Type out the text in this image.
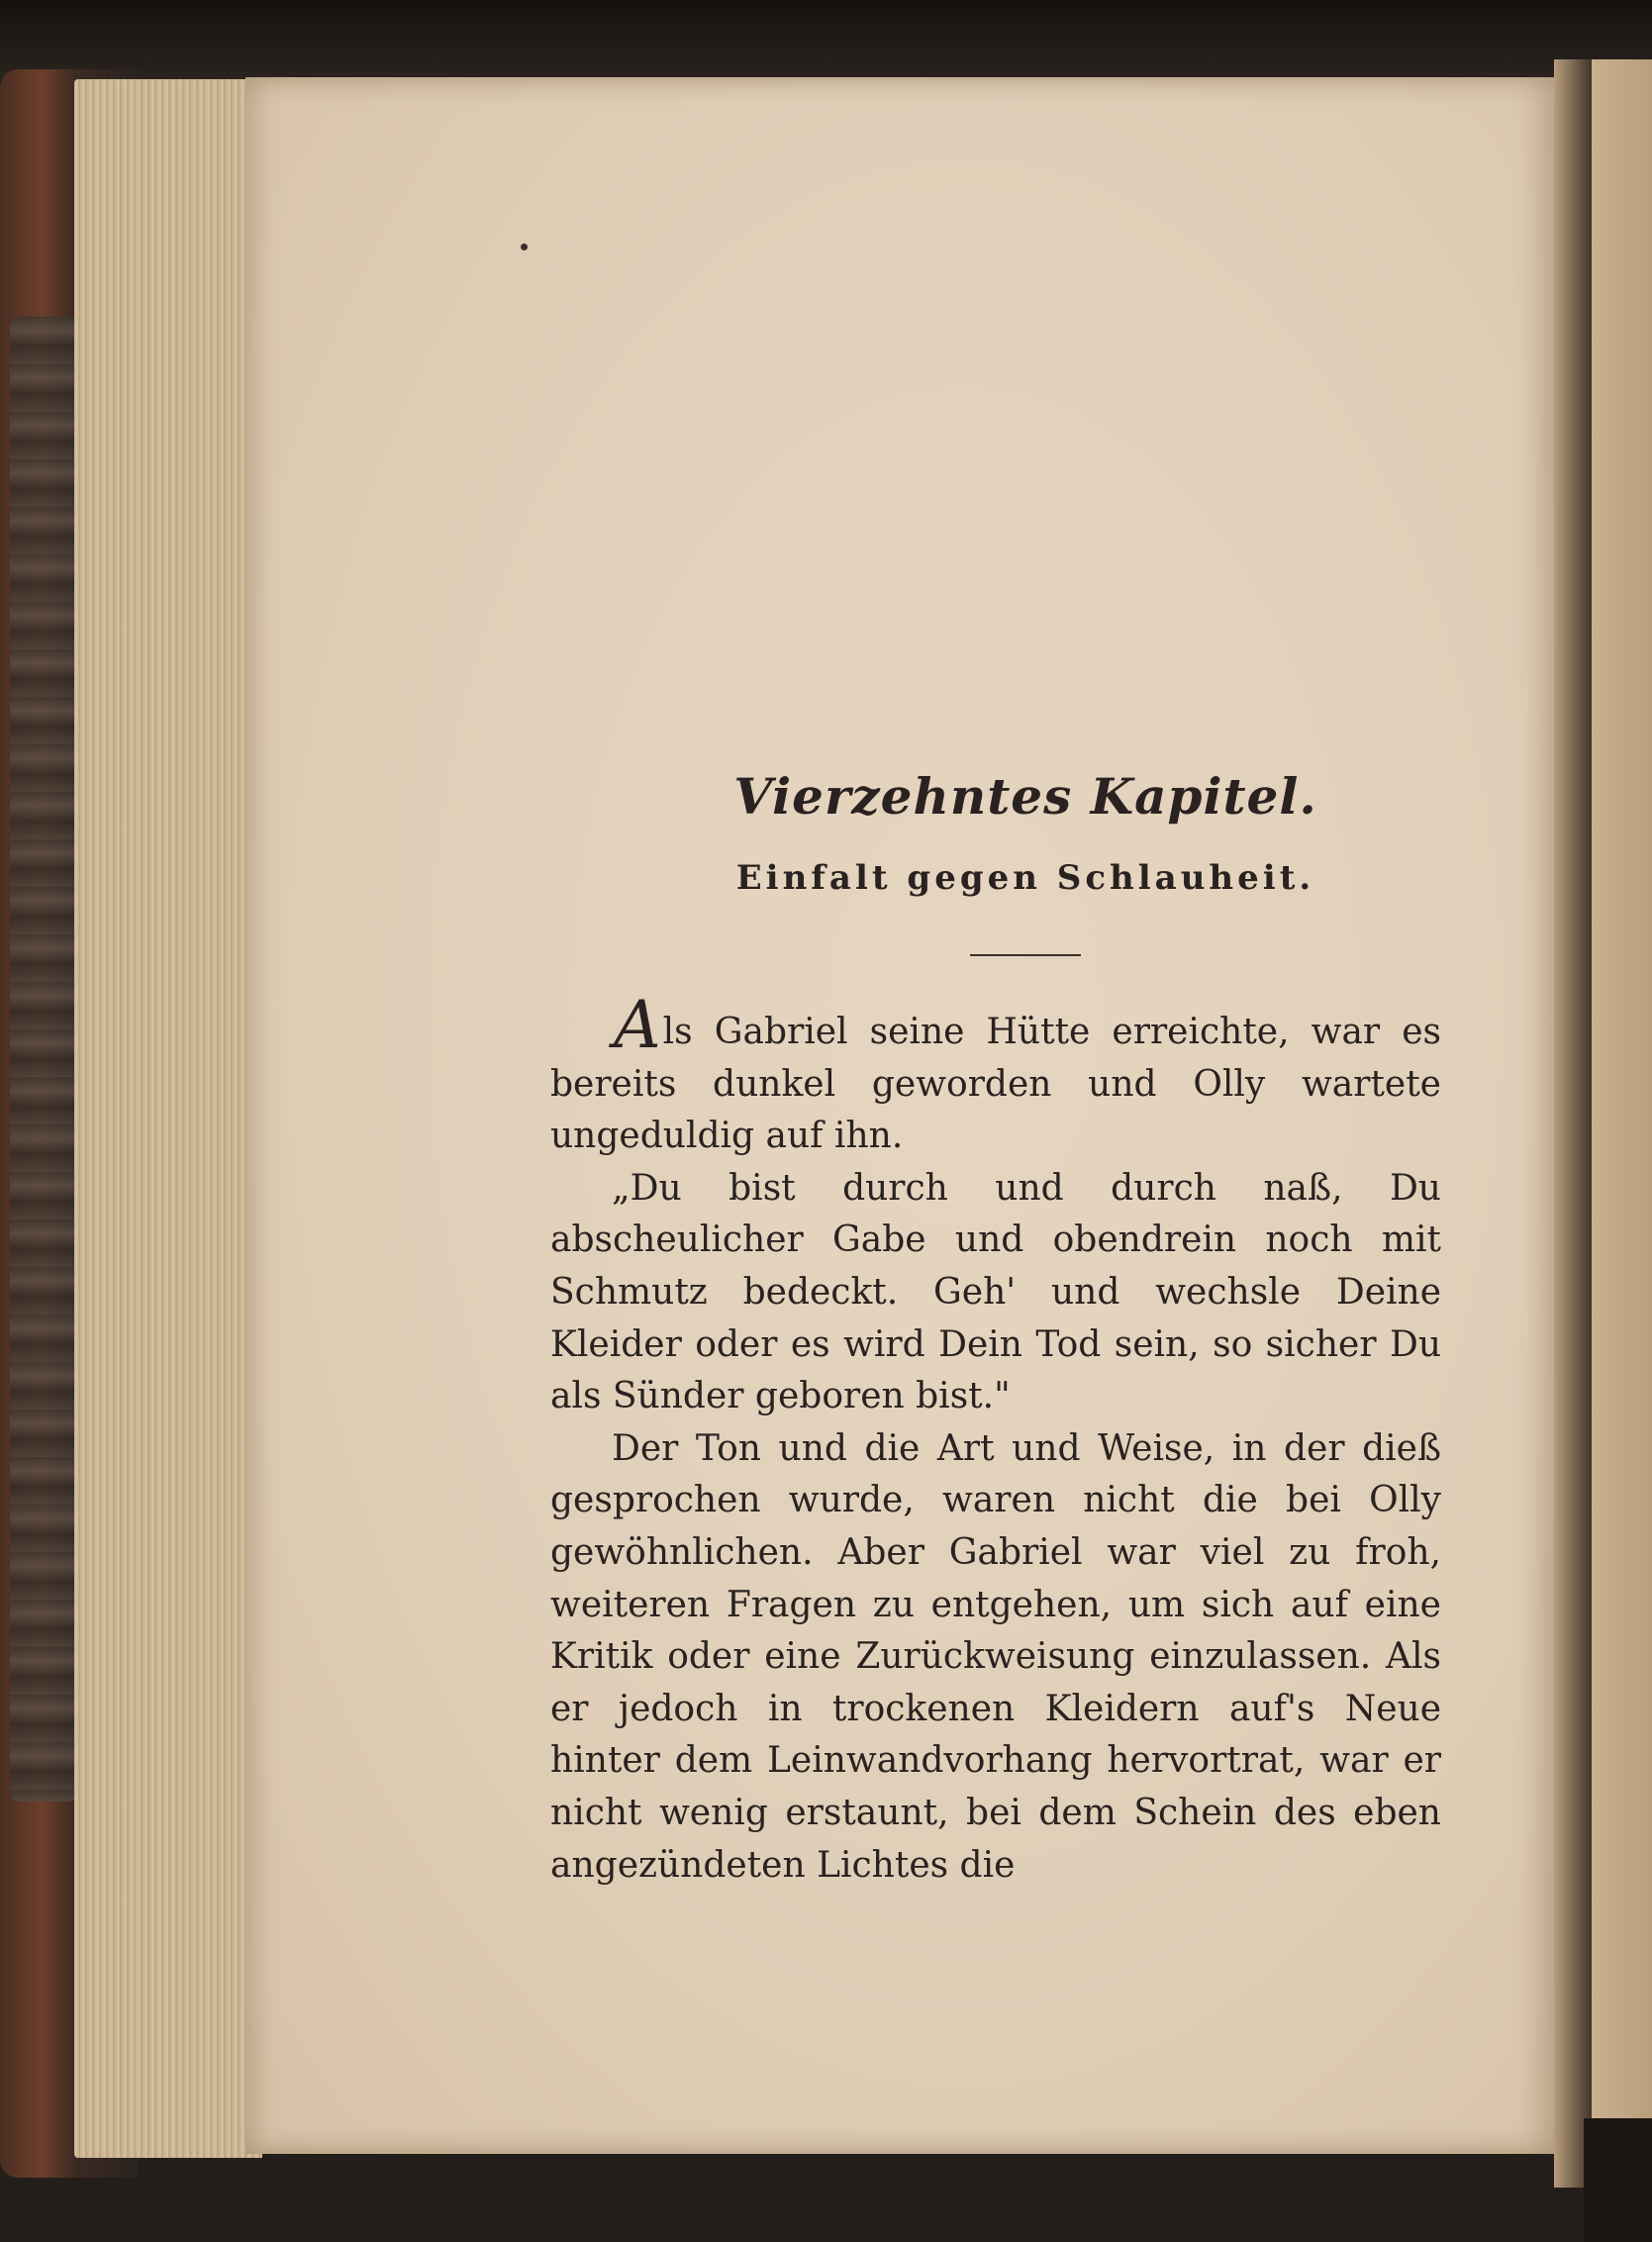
Vierzehntes Kapitel.
Einfalt gegen Schlauheit.

Als Gabriel seine Hütte erreichte, war es bereits dunkel geworden und Olly wartete ungeduldig auf ihn.

„Du bist durch und durch naß, Du abscheulicher Gabe und obendrein noch mit Schmutz bedeckt. Geh' und wechsle Deine Kleider oder es wird Dein Tod sein, so sicher Du als Sünder geboren bist."

Der Ton und die Art und Weise, in der dieß gesprochen wurde, waren nicht die bei Olly gewöhnlichen. Aber Gabriel war viel zu froh, weiteren Fragen zu entgehen, um sich auf eine Kritik oder eine Zurückweisung einzulassen. Als er jedoch in trockenen Kleidern auf's Neue hinter dem Leinwandvorhang hervortrat, war er nicht wenig erstaunt, bei dem Schein des eben angezündeten Lichtes die
